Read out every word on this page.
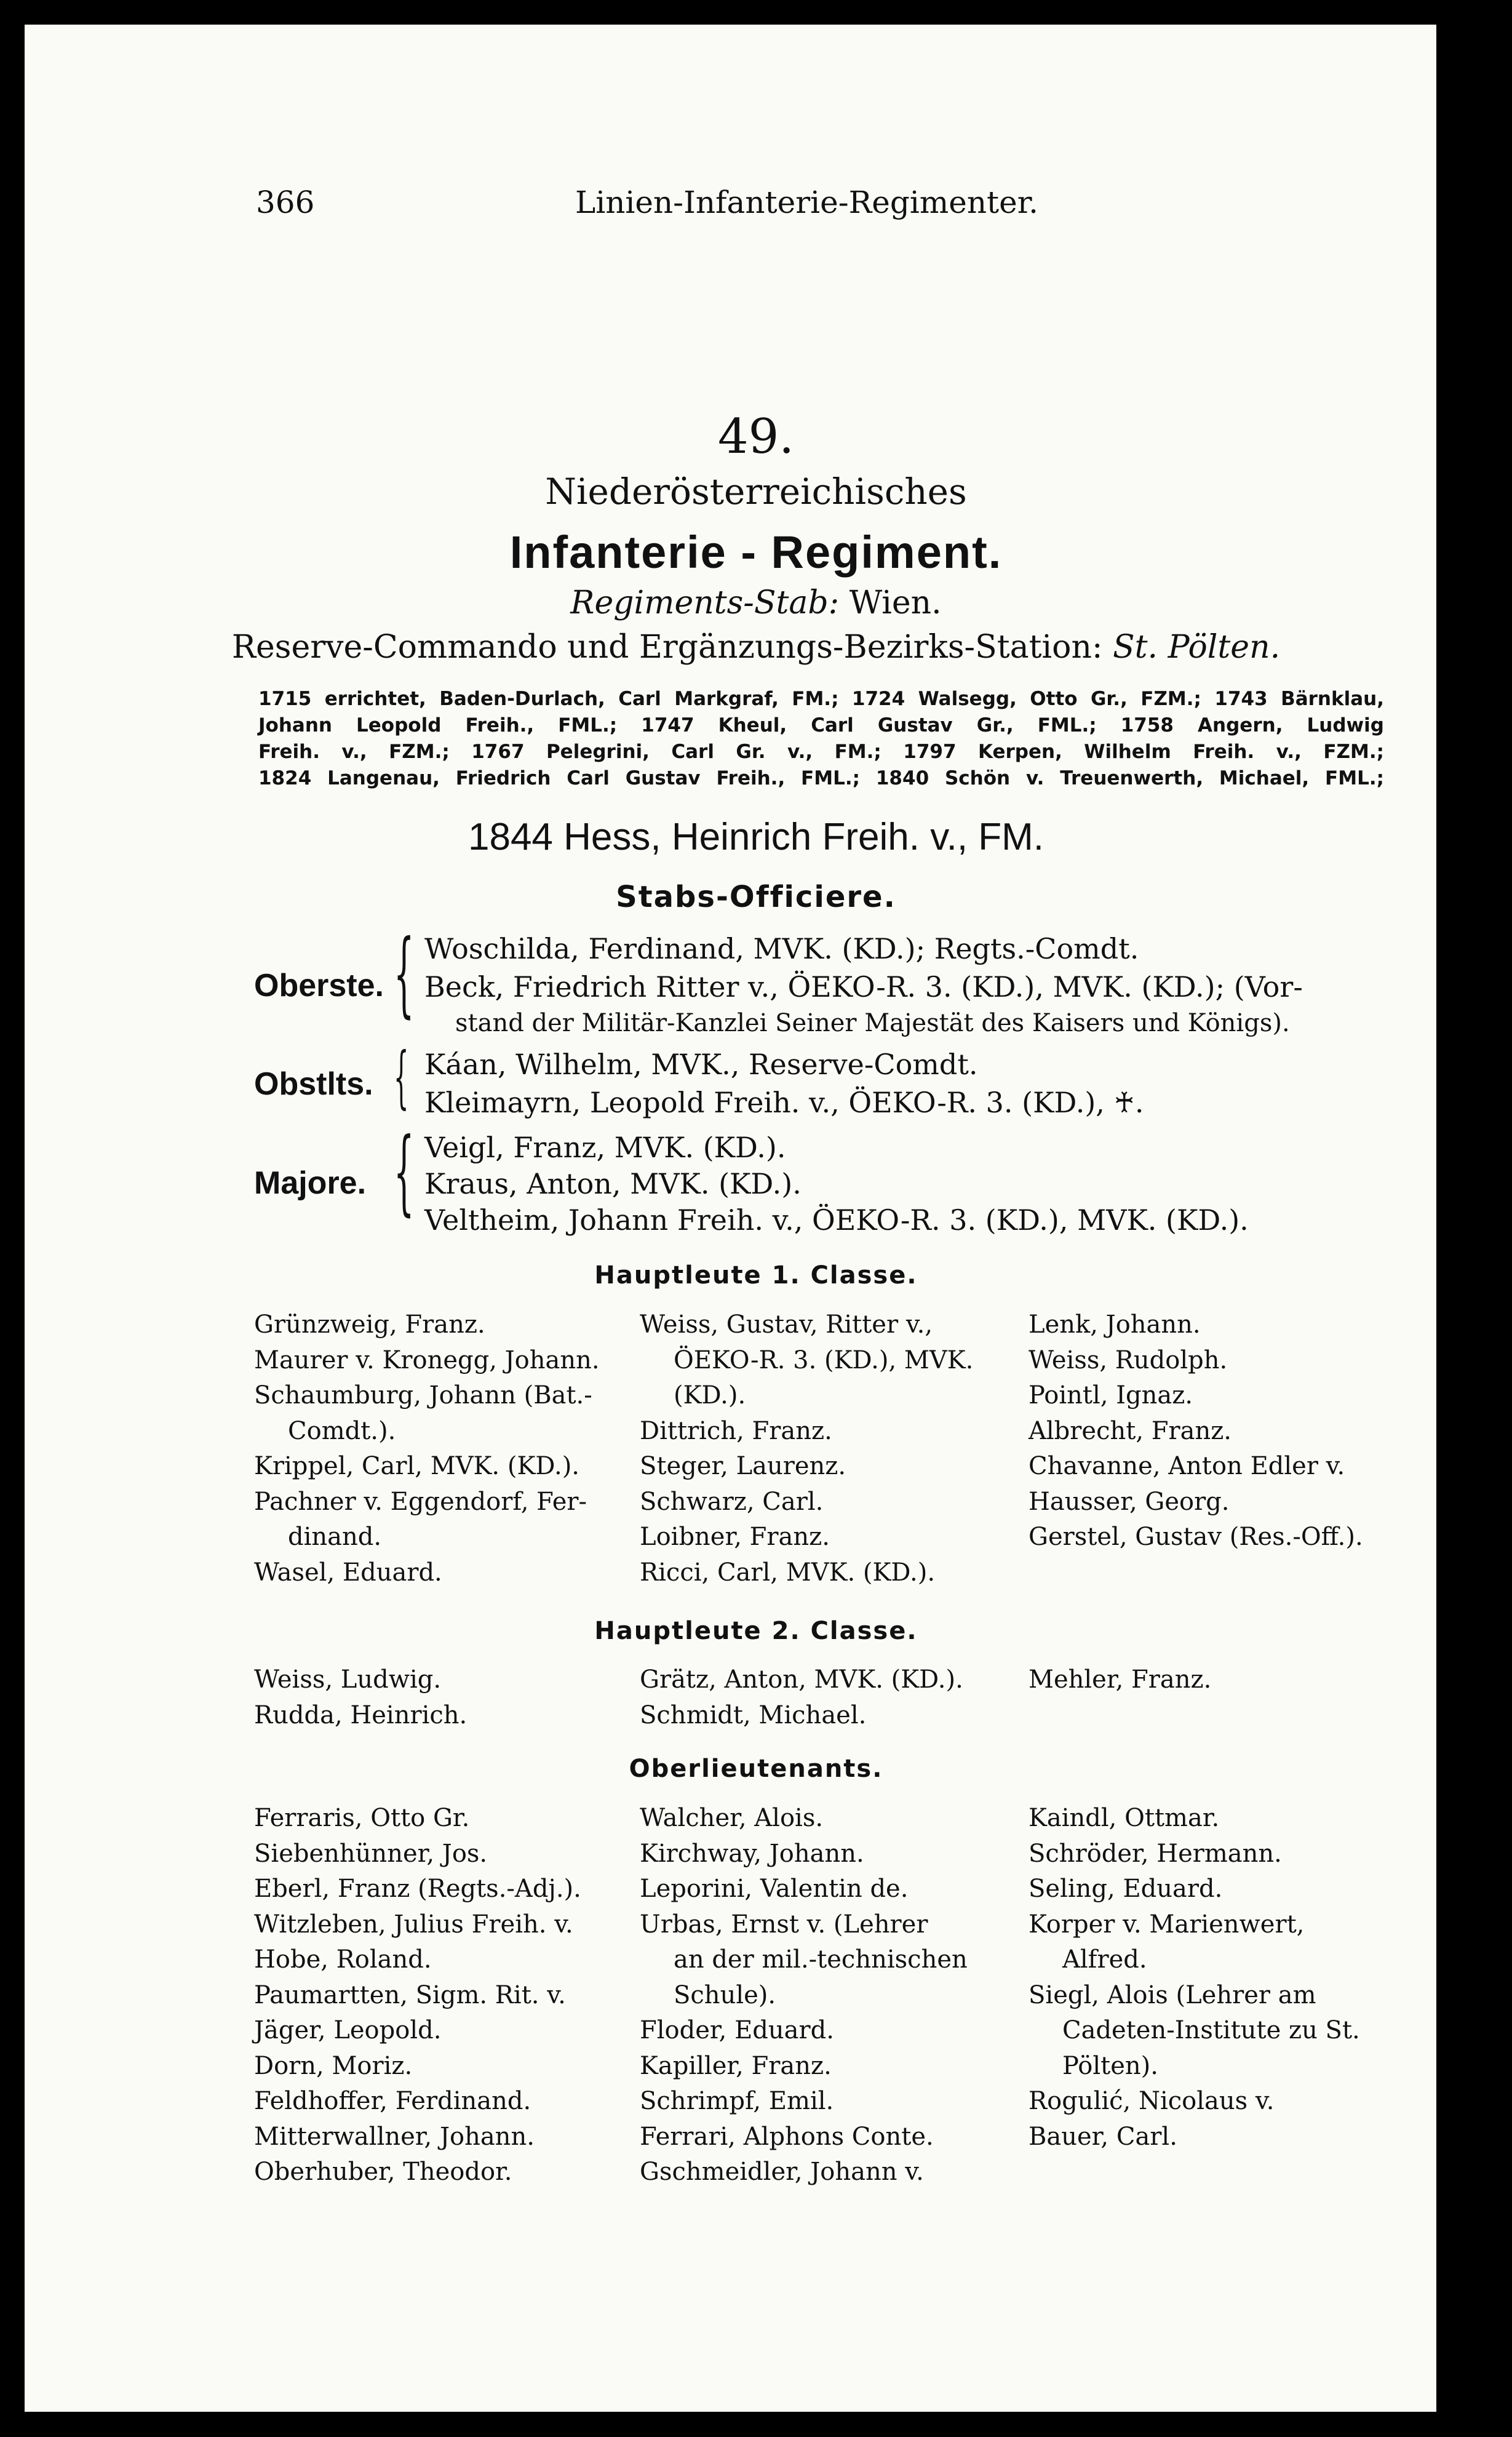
366	Linien-Infanterie-Regimenter.
49.
Niederösterreichisches
Infanterie - Regiment.
Regiments-Stab: Wien.
Reserve-Commando und Ergänzungs-Bezirks-Station: St. Pölten.
1715 errichtet, Baden-Durlach, Carl Markgraf, FM.; 1724 Walsegg, Otto Gr., FZM.; 1743 Bärnklau,
Johann Leopold Freih., FML.; 1747 Kheul, Carl Gustav Gr., FML.; 1758 Angern, Ludwig
Freih. v., FZM.; 1767 Pelegrini, Carl Gr. v., FM.; 1797 Kerpen, Wilhelm Freih. v., FZM.;
1824 Langenau, Friedrich Carl Gustav Freih., FML.; 1840 Schön v. Treuenwerth, Michael, FML.;
1844 Hess, Heinrich Freih. v., FM.
Stabs-Officiere.
Oberste. { Woschilda, Ferdinand, MVK. (KD.); Regts.-Comdt.
Beck, Friedrich Ritter v., ÖEKO-R. 3. (KD.), MVK. (KD.); (Vor-
stand der Militär-Kanzlei Seiner Majestät des Kaisers und Königs).
Obstlts. { Káan, Wilhelm, MVK., Reserve-Comdt.
Kleimayrn, Leopold Freih. v., ÖEKO-R. 3. (KD.), ♰.
Majore. { Veigl, Franz, MVK. (KD.).
Kraus, Anton, MVK. (KD.).
Veltheim, Johann Freih. v., ÖEKO-R. 3. (KD.), MVK. (KD.).
Hauptleute 1. Classe.
Grünzweig, Franz.
Maurer v. Kronegg, Johann.
Schaumburg, Johann (Bat.-
Comdt.).
Krippel, Carl, MVK. (KD.).
Pachner v. Eggendorf, Fer-
dinand.
Wasel, Eduard.
Weiss, Gustav, Ritter v.,
ÖEKO-R. 3. (KD.), MVK.
(KD.).
Dittrich, Franz.
Steger, Laurenz.
Schwarz, Carl.
Loibner, Franz.
Ricci, Carl, MVK. (KD.).
Lenk, Johann.
Weiss, Rudolph.
Pointl, Ignaz.
Albrecht, Franz.
Chavanne, Anton Edler v.
Hausser, Georg.
Gerstel, Gustav (Res.-Off.).
Hauptleute 2. Classe.
Weiss, Ludwig.
Rudda, Heinrich.
Grätz, Anton, MVK. (KD.).
Schmidt, Michael.
Mehler, Franz.
Oberlieutenants.
Ferraris, Otto Gr.
Siebenhünner, Jos.
Eberl, Franz (Regts.-Adj.).
Witzleben, Julius Freih. v.
Hobe, Roland.
Paumartten, Sigm. Rit. v.
Jäger, Leopold.
Dorn, Moriz.
Feldhoffer, Ferdinand.
Mitterwallner, Johann.
Oberhuber, Theodor.
Walcher, Alois.
Kirchway, Johann.
Leporini, Valentin de.
Urbas, Ernst v. (Lehrer
an der mil.-technischen
Schule).
Floder, Eduard.
Kapiller, Franz.
Schrimpf, Emil.
Ferrari, Alphons Conte.
Gschmeidler, Johann v.
Kaindl, Ottmar.
Schröder, Hermann.
Seling, Eduard.
Korper v. Marienwert,
Alfred.
Siegl, Alois (Lehrer am
Cadeten-Institute zu St.
Pölten).
Rogulić, Nicolaus v.
Bauer, Carl.
